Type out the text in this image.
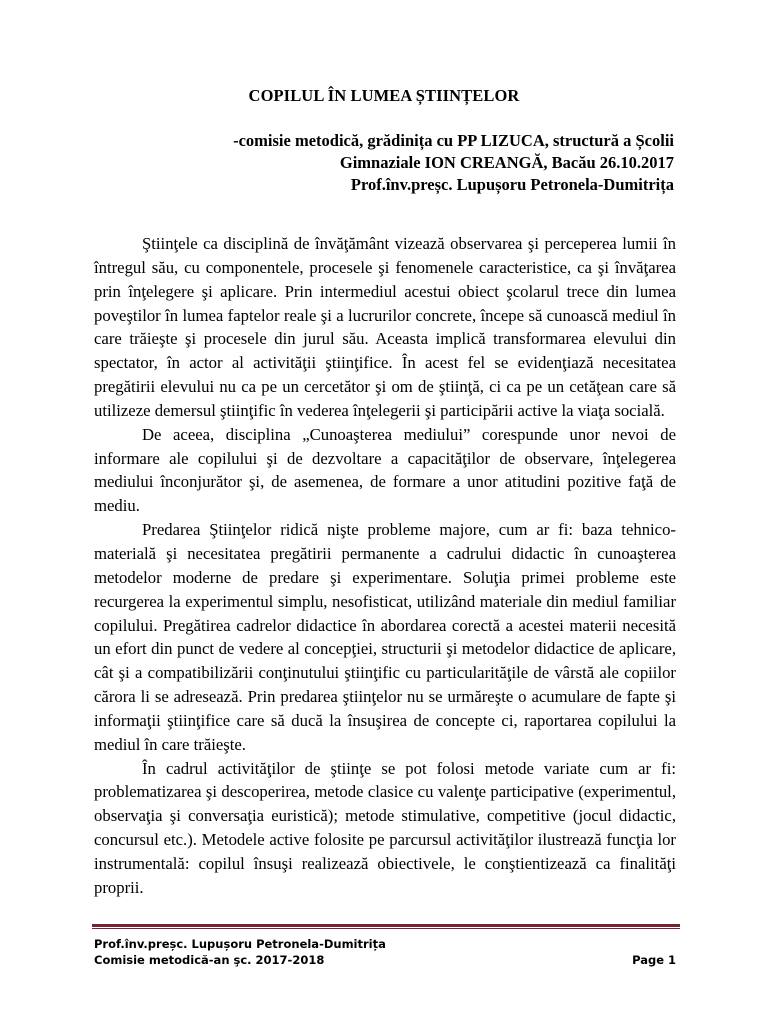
COPILUL ÎN LUMEA ȘTIINȚELOR
-comisie metodică, grădinița cu PP LIZUCA, structură a Școlii
Gimnaziale ION CREANGĂ, Bacău 26.10.2017
Prof.înv.preșc. Lupușoru Petronela-Dumitrița

Ştiinţele ca disciplină de învăţământ vizează observarea şi perceperea lumii în întregul său, cu componentele, procesele şi fenomenele caracteristice, ca şi învăţarea prin înţelegere şi aplicare. Prin intermediul acestui obiect şcolarul trece din lumea poveştilor în lumea faptelor reale şi a lucrurilor concrete, începe să cunoască mediul în care trăieşte şi procesele din jurul său. Aceasta implică transformarea elevului din spectator, în actor al activităţii ştiinţifice. În acest fel se evidenţiază necesitatea pregătirii elevului nu ca pe un cercetător şi om de ştiinţă, ci ca pe un cetăţean care să utilizeze demersul ştiinţific în vederea înţelegerii şi participării active la viaţa socială.

De aceea, disciplina „Cunoaşterea mediului” corespunde unor nevoi de informare ale copilului şi de dezvoltare a capacităţilor de observare, înţelegerea mediului înconjurător şi, de asemenea, de formare a unor atitudini pozitive faţă de mediu.

Predarea Ştiinţelor ridică nişte probleme majore, cum ar fi: baza tehnico-materială şi necesitatea pregătirii permanente a cadrului didactic în cunoaşterea metodelor moderne de predare şi experimentare. Soluţia primei probleme este recurgerea la experimentul simplu, nesofisticat, utilizând materiale din mediul familiar copilului. Pregătirea cadrelor didactice în abordarea corectă a acestei materii necesită un efort din punct de vedere al concepţiei, structurii şi metodelor didactice de aplicare, cât şi a compatibilizării conţinutului ştiinţific cu particularităţile de vârstă ale copiilor cărora li se adresează. Prin predarea ştiinţelor nu se urmăreşte o acumulare de fapte şi informaţii ştiinţifice care să ducă la însuşirea de concepte ci, raportarea copilului la mediul în care trăieşte.

În cadrul activităţilor de ştiinţe se pot folosi metode variate cum ar fi: problematizarea şi descoperirea, metode clasice cu valenţe participative (experimentul, observaţia şi conversaţia euristică); metode stimulative, competitive (jocul didactic, concursul etc.). Metodele active folosite pe parcursul activităţilor ilustrează funcţia lor instrumentală: copilul însuşi realizează obiectivele, le conştientizează ca finalităţi proprii.

Prof.înv.preșc. Lupușoru Petronela-Dumitrița
Comisie metodică-an şc. 2017-2018	Page 1
